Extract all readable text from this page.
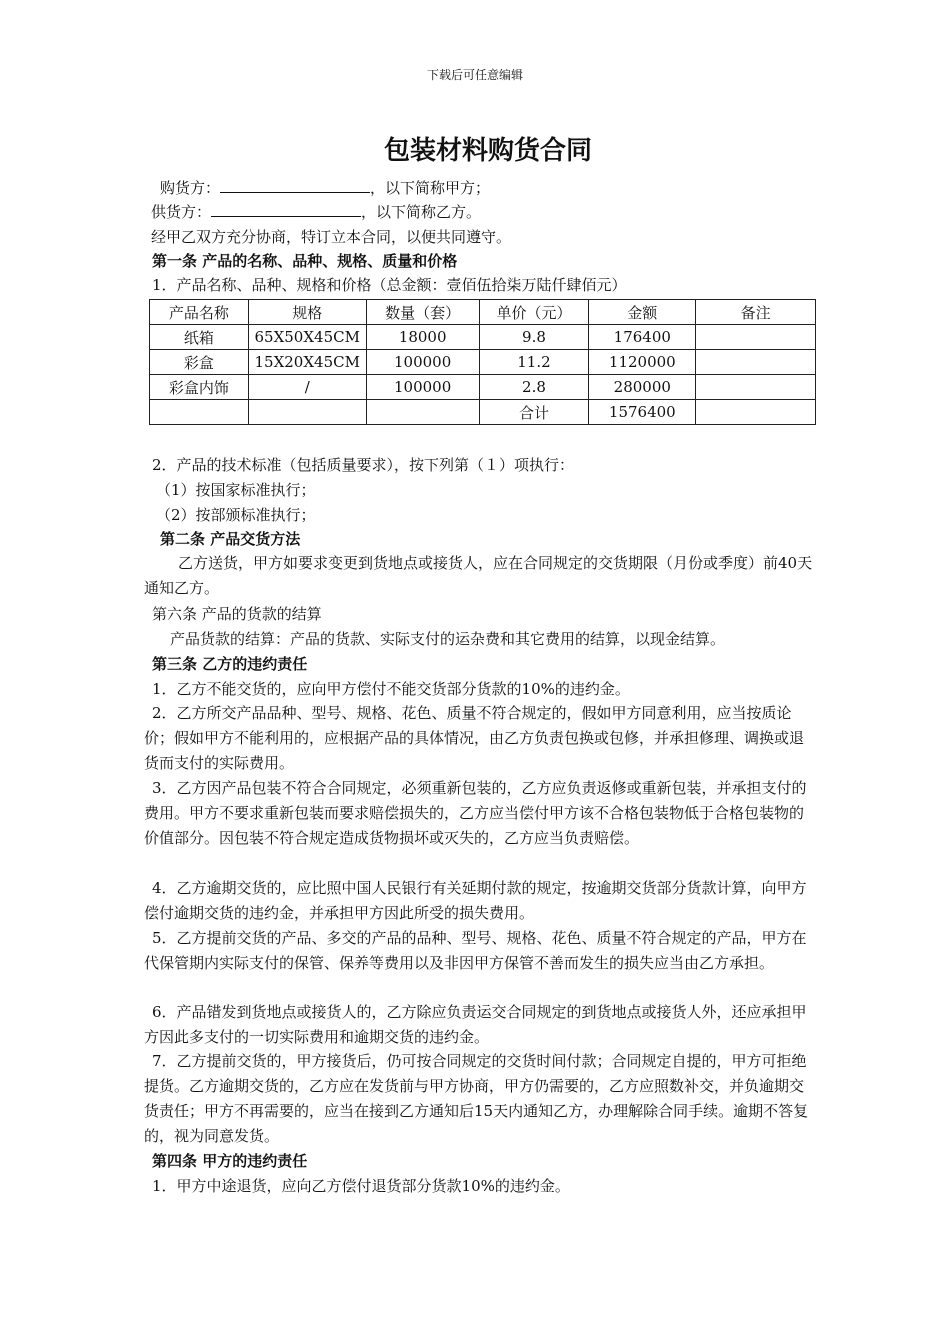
下载后可任意编辑
包装材料购货合同
购货方：	，以下简称甲方；
供货方：	，以下简称乙方。
经甲乙双方充分协商，特订立本合同，以便共同遵守。
第一条 产品的名称、品种、规格、质量和价格
1．产品名称、品种、规格和价格（总金额：壹佰伍拾柒万陆仟肆佰元）
产品名称	规格	数量（套）	单价（元）	金额	备注
纸箱	65X50X45CM	18000	9.8	176400	
彩盒	15X20X45CM	100000	11.2	1120000	
彩盒内饰	/	100000	2.8	280000	
			合计	1576400	
2．产品的技术标准（包括质量要求），按下列第（１）项执行：
（1）按国家标准执行；
（2）按部颁标准执行；
第二条 产品交货方法
乙方送货，甲方如要求变更到货地点或接货人，应在合同规定的交货期限（月份或季度）前40天通知乙方。
第六条 产品的货款的结算
产品货款的结算：产品的货款、实际支付的运杂费和其它费用的结算，以现金结算。
第三条 乙方的违约责任
1．乙方不能交货的，应向甲方偿付不能交货部分货款的10%的违约金。
2．乙方所交产品品种、型号、规格、花色、质量不符合规定的，假如甲方同意利用，应当按质论价；假如甲方不能利用的，应根据产品的具体情况，由乙方负责包换或包修，并承担修理、调换或退货而支付的实际费用。
3．乙方因产品包装不符合合同规定，必须重新包装的，乙方应负责返修或重新包装，并承担支付的费用。甲方不要求重新包装而要求赔偿损失的，乙方应当偿付甲方该不合格包装物低于合格包装物的价值部分。因包装不符合规定造成货物损坏或灭失的，乙方应当负责赔偿。
4．乙方逾期交货的，应比照中国人民银行有关延期付款的规定，按逾期交货部分货款计算，向甲方偿付逾期交货的违约金，并承担甲方因此所受的损失费用。
5．乙方提前交货的产品、多交的产品的品种、型号、规格、花色、质量不符合规定的产品，甲方在代保管期内实际支付的保管、保养等费用以及非因甲方保管不善而发生的损失应当由乙方承担。
6．产品错发到货地点或接货人的，乙方除应负责运交合同规定的到货地点或接货人外，还应承担甲方因此多支付的一切实际费用和逾期交货的违约金。
7．乙方提前交货的，甲方接货后，仍可按合同规定的交货时间付款；合同规定自提的，甲方可拒绝提货。乙方逾期交货的，乙方应在发货前与甲方协商，甲方仍需要的，乙方应照数补交，并负逾期交货责任；甲方不再需要的，应当在接到乙方通知后15天内通知乙方，办理解除合同手续。逾期不答复的，视为同意发货。
第四条 甲方的违约责任
1．甲方中途退货，应向乙方偿付退货部分货款10%的违约金。
